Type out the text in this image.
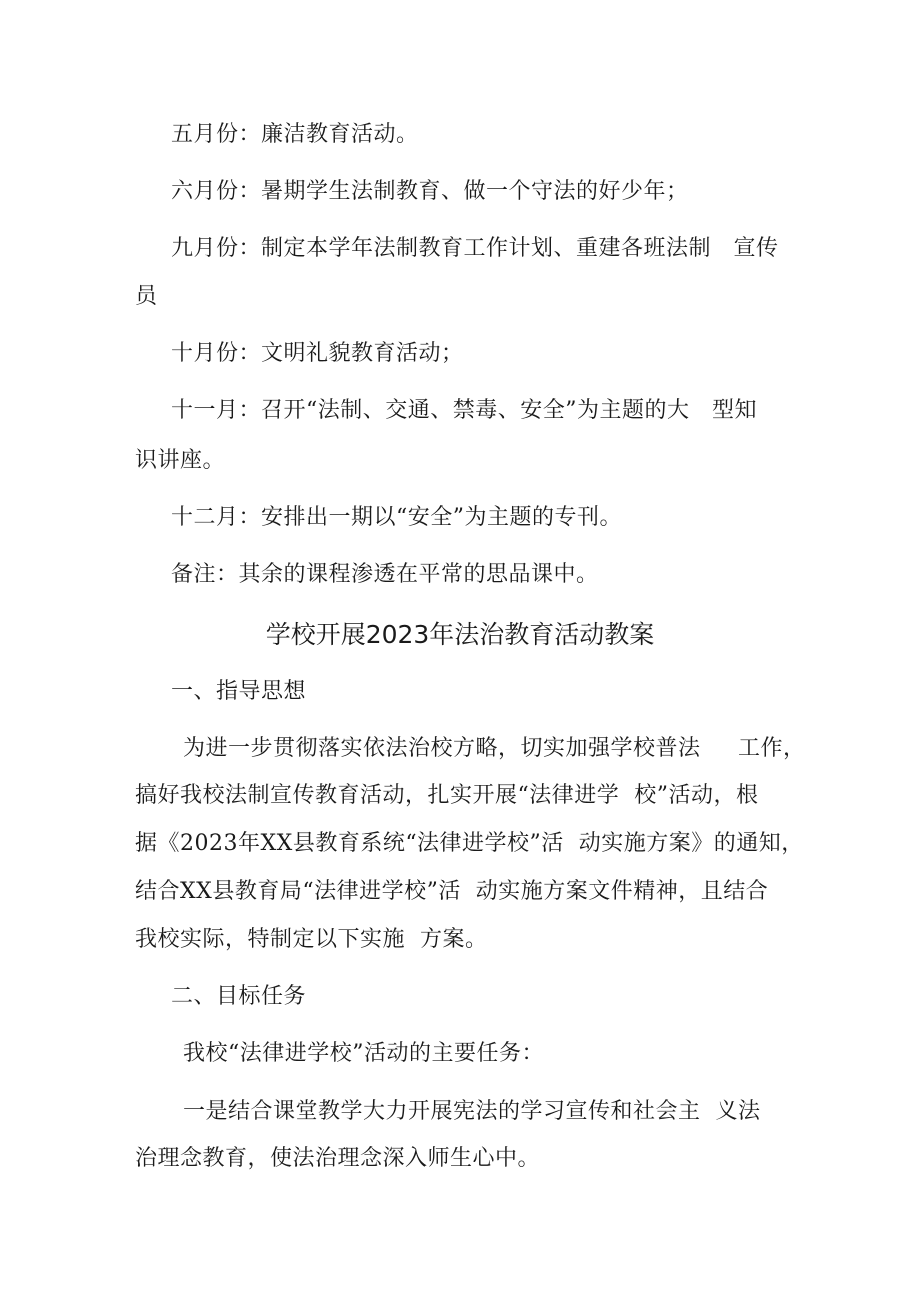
五月份：廉洁教育活动。
六月份：暑期学生法制教育、做一个守法的好少年；
九月份：制定本学年法制教育工作计划、重建各班法制   宣传
员
十月份：文明礼貌教育活动；
十一月：召开“法制、交通、禁毒、安全”为主题的大   型知
识讲座。
十二月：安排出一期以“安全”为主题的专刊。
备注：其余的课程渗透在平常的思品课中。
学校开展2023年法治教育活动教案
一、指导思想
为进一步贯彻落实依法治校方略，切实加强学校普法     工作，
搞好我校法制宣传教育活动，扎实开展“法律进学  校”活动，根
据《2023年XX县教育系统“法律进学校”活  动实施方案》的通知，
结合XX县教育局“法律进学校”活  动实施方案文件精神，且结合
我校实际，特制定以下实施  方案。
二、目标任务
我校“法律进学校”活动的主要任务：
一是结合课堂教学大力开展宪法的学习宣传和社会主  义法
治理念教育，使法治理念深入师生心中。
